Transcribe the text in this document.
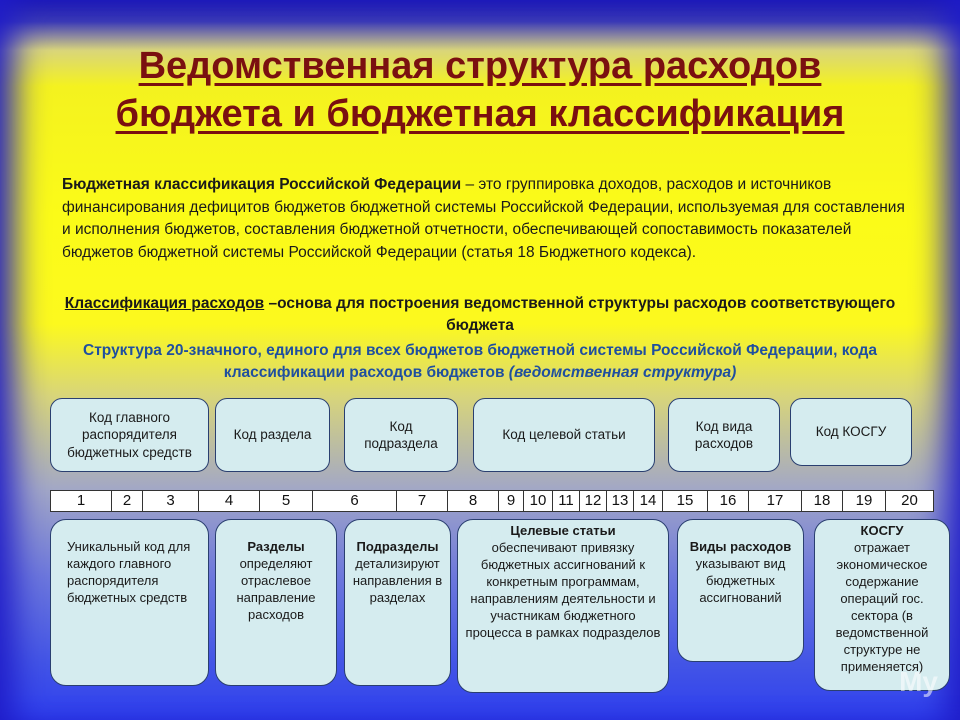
Ведомственная структура расходов
бюджета и бюджетная классификация
Бюджетная классификация Российской Федерации – это группировка доходов, расходов и источников финансирования дефицитов бюджетов бюджетной системы Российской Федерации, используемая для составления и исполнения бюджетов, составления бюджетной отчетности, обеспечивающей сопоставимость показателей бюджетов бюджетной системы Российской Федерации (статья 18 Бюджетного кодекса).
Классификация расходов –основа для построения ведомственной структуры расходов соответствующего бюджета
Структура 20-значного, единого для всех бюджетов бюджетной системы Российской Федерации, кода классификации расходов бюджетов (ведомственная структура)
Код главного распорядителя бюджетных средств
Код раздела
Код подраздела
Код целевой статьи
Код вида расходов
Код КОСГУ
1	2	3	4	5	6	7	8	9 10 11 12 13 14	15	16	17	18	19	20
Уникальный код для каждого главного распорядителя бюджетных средств
Разделы
определяют отраслевое направление расходов
Подразделы
детализируют направления в разделах
Целевые статьи
обеспечивают привязку бюджетных ассигнований к конкретным программам, направлениям деятельности и участникам бюджетного процесса в рамках подразделов
Виды расходов
указывают вид бюджетных ассигнований
КОСГУ
отражает экономическое содержание операций гос. сектора (в ведомственной структуре не применяется)
My
